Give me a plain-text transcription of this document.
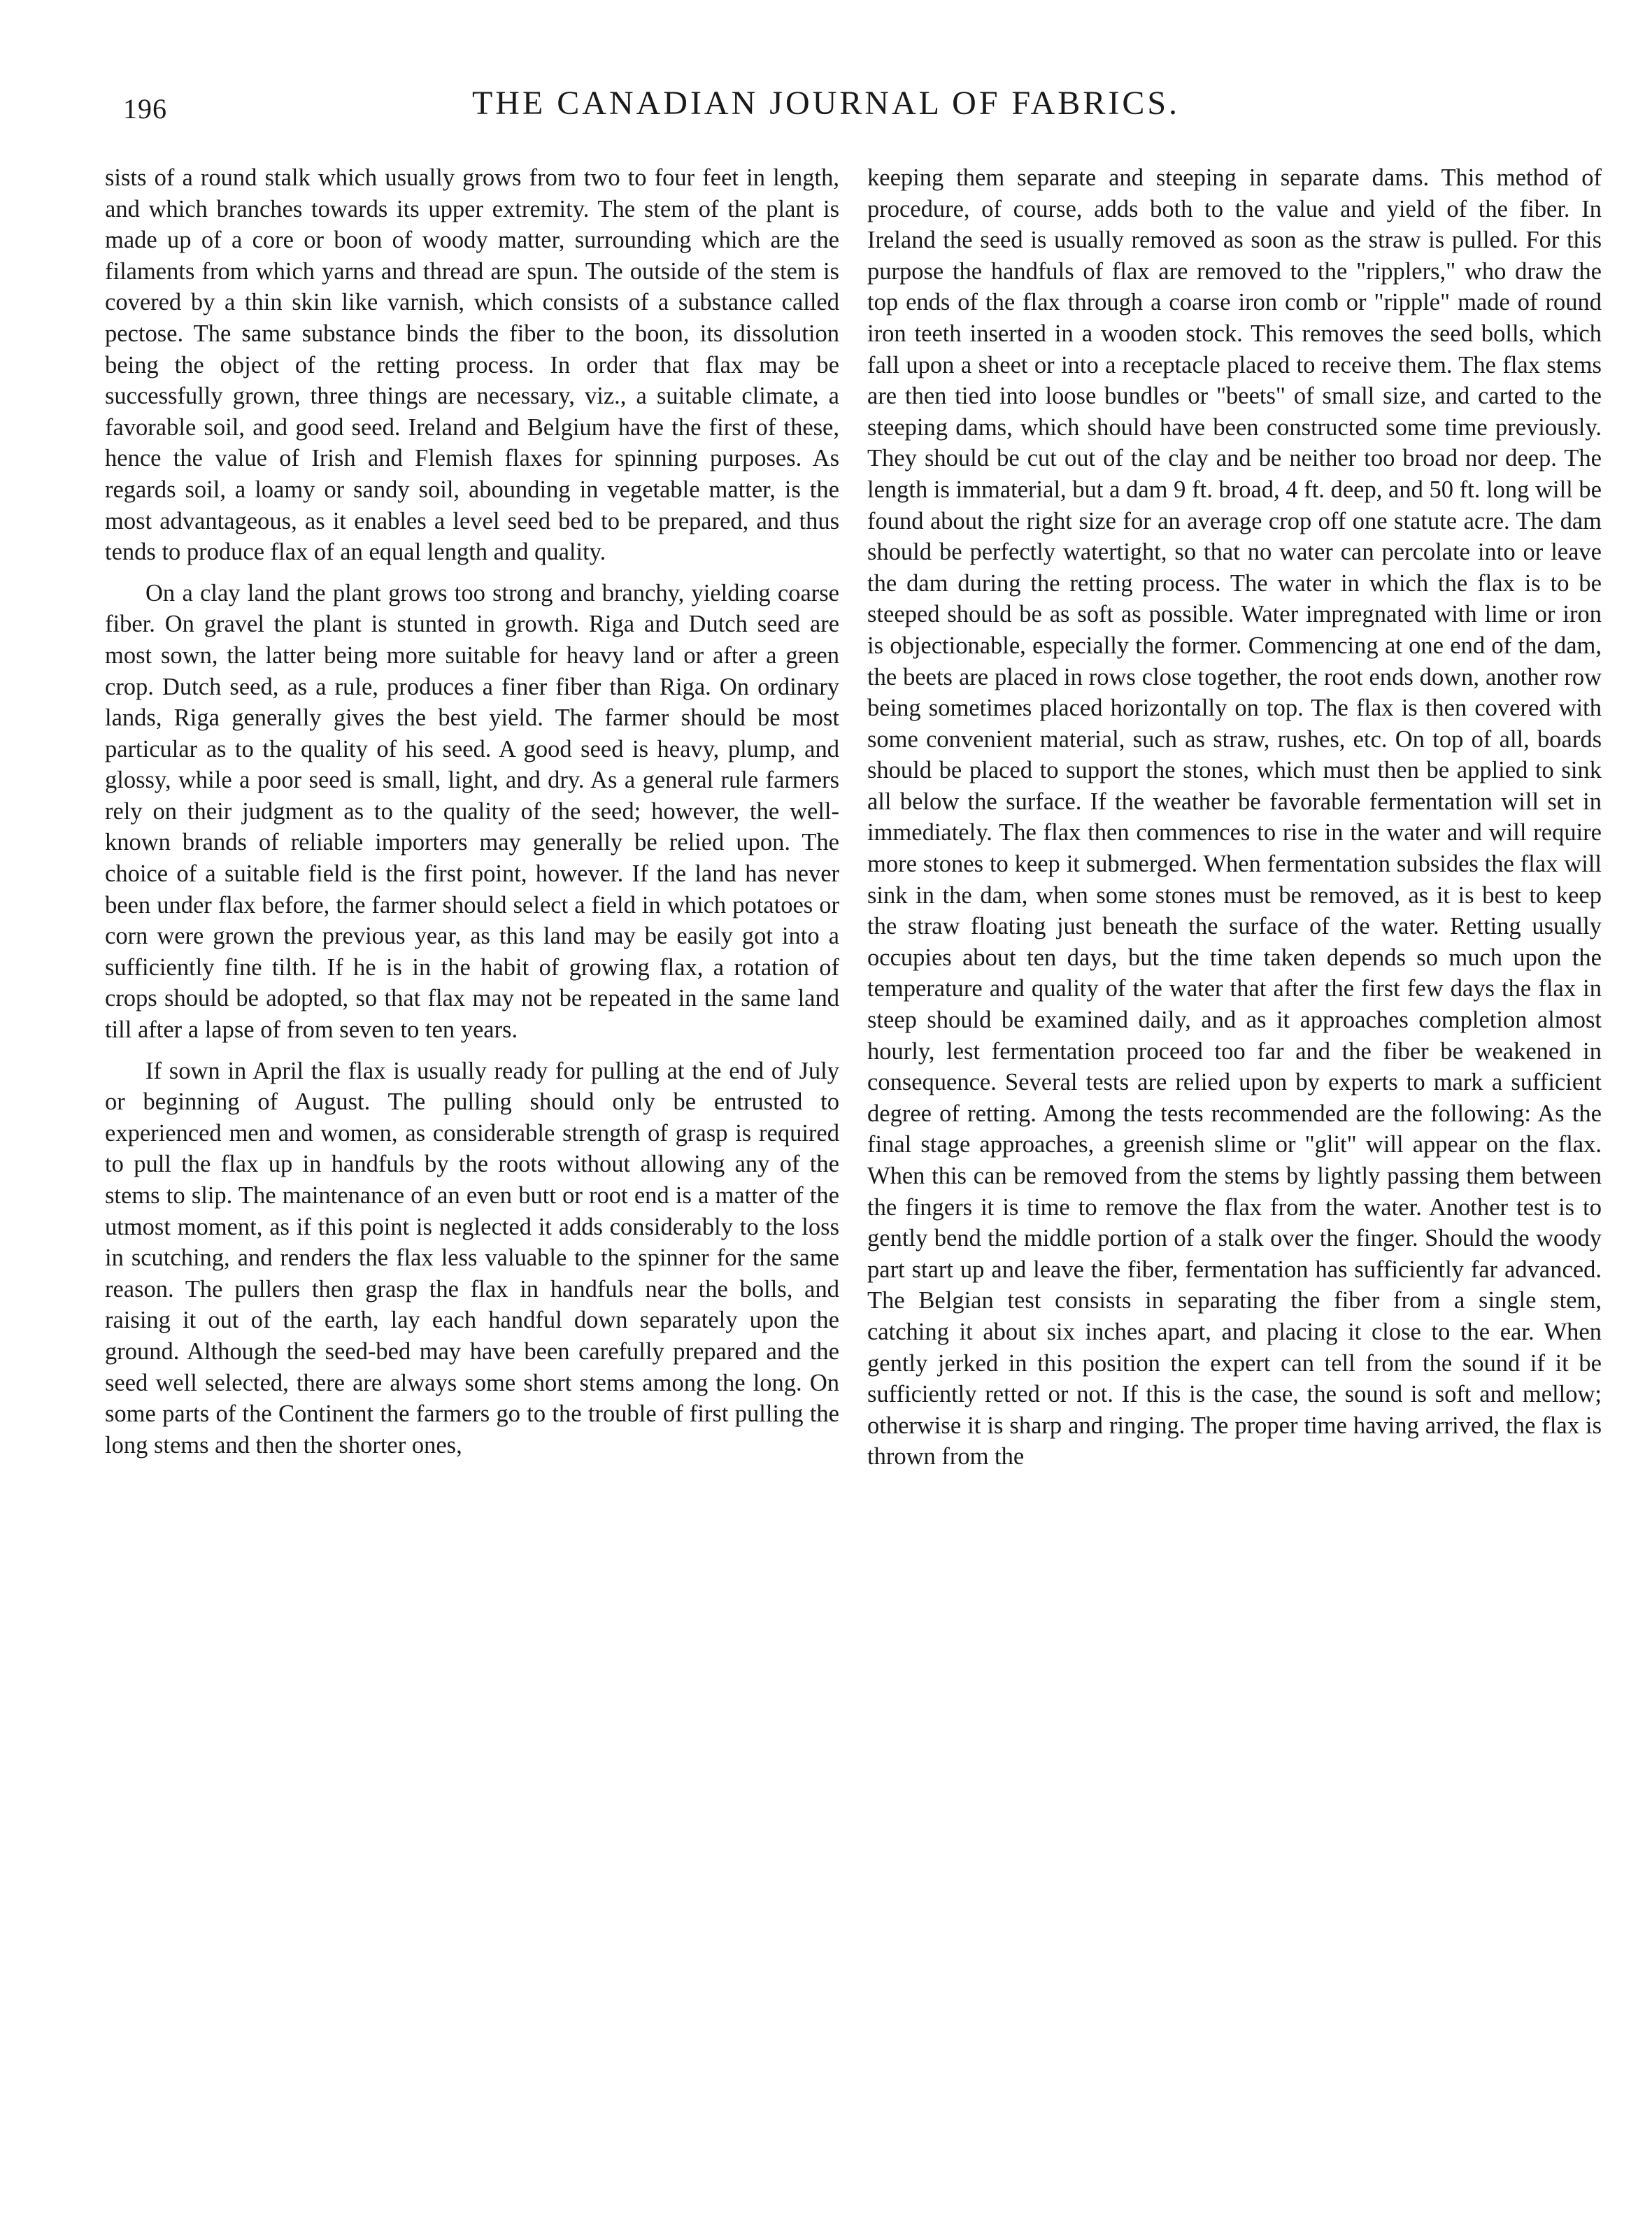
196	THE CANADIAN JOURNAL OF FABRICS.

sists of a round stalk which usually grows from two to four feet in length, and which branches towards its upper extremity. The stem of the plant is made up of a core or boon of woody matter, surrounding which are the filaments from which yarns and thread are spun. The outside of the stem is covered by a thin skin like varnish, which consists of a substance called pectose. The same substance binds the fiber to the boon, its dissolution being the object of the retting process. In order that flax may be successfully grown, three things are necessary, viz., a suitable climate, a favorable soil, and good seed. Ireland and Belgium have the first of these, hence the value of Irish and Flemish flaxes for spinning purposes. As regards soil, a loamy or sandy soil, abounding in vegetable matter, is the most advantageous, as it enables a level seed bed to be prepared, and thus tends to produce flax of an equal length and quality.

On a clay land the plant grows too strong and branchy, yielding coarse fiber. On gravel the plant is stunted in growth. Riga and Dutch seed are most sown, the latter being more suitable for heavy land or after a green crop. Dutch seed, as a rule, produces a finer fiber than Riga. On ordinary lands, Riga generally gives the best yield. The farmer should be most particular as to the quality of his seed. A good seed is heavy, plump, and glossy, while a poor seed is small, light, and dry. As a general rule farmers rely on their judgment as to the quality of the seed; however, the well-known brands of reliable importers may generally be relied upon. The choice of a suitable field is the first point, however. If the land has never been under flax before, the farmer should select a field in which potatoes or corn were grown the previous year, as this land may be easily got into a sufficiently fine tilth. If he is in the habit of growing flax, a rotation of crops should be adopted, so that flax may not be repeated in the same land till after a lapse of from seven to ten years.

If sown in April the flax is usually ready for pulling at the end of July or beginning of August. The pulling should only be entrusted to experienced men and women, as considerable strength of grasp is required to pull the flax up in handfuls by the roots without allowing any of the stems to slip. The maintenance of an even butt or root end is a matter of the utmost moment, as if this point is neglected it adds considerably to the loss in scutching, and renders the flax less valuable to the spinner for the same reason. The pullers then grasp the flax in handfuls near the bolls, and raising it out of the earth, lay each handful down separately upon the ground. Although the seed-bed may have been carefully prepared and the seed well selected, there are always some short stems among the long. On some parts of the Continent the farmers go to the trouble of first pulling the long stems and then the shorter ones,

keeping them separate and steeping in separate dams. This method of procedure, of course, adds both to the value and yield of the fiber. In Ireland the seed is usually removed as soon as the straw is pulled. For this purpose the handfuls of flax are removed to the "ripplers," who draw the top ends of the flax through a coarse iron comb or "ripple" made of round iron teeth inserted in a wooden stock. This removes the seed bolls, which fall upon a sheet or into a receptacle placed to receive them. The flax stems are then tied into loose bundles or "beets" of small size, and carted to the steeping dams, which should have been constructed some time previously. They should be cut out of the clay and be neither too broad nor deep. The length is immaterial, but a dam 9 ft. broad, 4 ft. deep, and 50 ft. long will be found about the right size for an average crop off one statute acre. The dam should be perfectly watertight, so that no water can percolate into or leave the dam during the retting process. The water in which the flax is to be steeped should be as soft as possible. Water impregnated with lime or iron is objectionable, especially the former. Commencing at one end of the dam, the beets are placed in rows close together, the root ends down, another row being sometimes placed horizontally on top. The flax is then covered with some convenient material, such as straw, rushes, etc. On top of all, boards should be placed to support the stones, which must then be applied to sink all below the surface. If the weather be favorable fermentation will set in immediately. The flax then commences to rise in the water and will require more stones to keep it submerged. When fermentation subsides the flax will sink in the dam, when some stones must be removed, as it is best to keep the straw floating just beneath the surface of the water. Retting usually occupies about ten days, but the time taken depends so much upon the temperature and quality of the water that after the first few days the flax in steep should be examined daily, and as it approaches completion almost hourly, lest fermentation proceed too far and the fiber be weakened in consequence. Several tests are relied upon by experts to mark a sufficient degree of retting. Among the tests recommended are the following: As the final stage approaches, a greenish slime or "glit" will appear on the flax. When this can be removed from the stems by lightly passing them between the fingers it is time to remove the flax from the water. Another test is to gently bend the middle portion of a stalk over the finger. Should the woody part start up and leave the fiber, fermentation has sufficiently far advanced. The Belgian test consists in separating the fiber from a single stem, catching it about six inches apart, and placing it close to the ear. When gently jerked in this position the expert can tell from the sound if it be sufficiently retted or not. If this is the case, the sound is soft and mellow; otherwise it is sharp and ringing. The proper time having arrived, the flax is thrown from the
